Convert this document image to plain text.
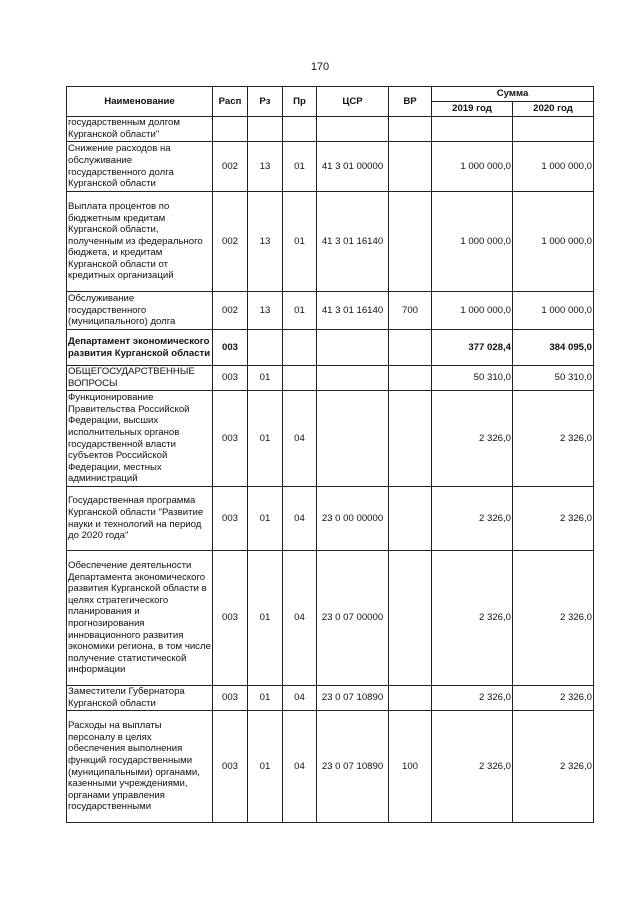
170
Наименование	Расп	Рз	Пр	ЦСР	ВР	Сумма	
						2019 год	2020 год
государственным долгом Курганской области"							
Снижение расходов на обслуживание государственного долга Курганской области	002	13	01	41 3 01 00000		1 000 000,0	1 000 000,0
Выплата процентов по бюджетным кредитам Курганской области, полученным из федерального бюджета, и кредитам Курганской области от кредитных организаций	002	13	01	41 3 01 16140		1 000 000,0	1 000 000,0
Обслуживание государственного (муниципального) долга	002	13	01	41 3 01 16140	700	1 000 000,0	1 000 000,0
Департамент экономического развития Курганской области	003					377 028,4	384 095,0
ОБЩЕГОСУДАРСТВЕННЫЕ ВОПРОСЫ	003	01				50 310,0	50 310,0
Функционирование Правительства Российской Федерации, высших исполнительных органов государственной власти субъектов Российской Федерации, местных администраций	003	01	04			2 326,0	2 326,0
Государственная программа Курганской области "Развитие науки и технологий на период до 2020 года"	003	01	04	23 0 00 00000		2 326,0	2 326,0
Обеспечение деятельности Департамента экономического развития Курганской области в целях стратегического планирования и прогнозирования инновационного развития экономики региона, в том числе получение статистической информации	003	01	04	23 0 07 00000		2 326,0	2 326,0
Заместители Губернатора Курганской области	003	01	04	23 0 07 10890		2 326,0	2 326,0
Расходы на выплаты персоналу в целях обеспечения выполнения функций государственными (муниципальными) органами, казенными учреждениями, органами управления государственными	003	01	04	23 0 07 10890	100	2 326,0	2 326,0
